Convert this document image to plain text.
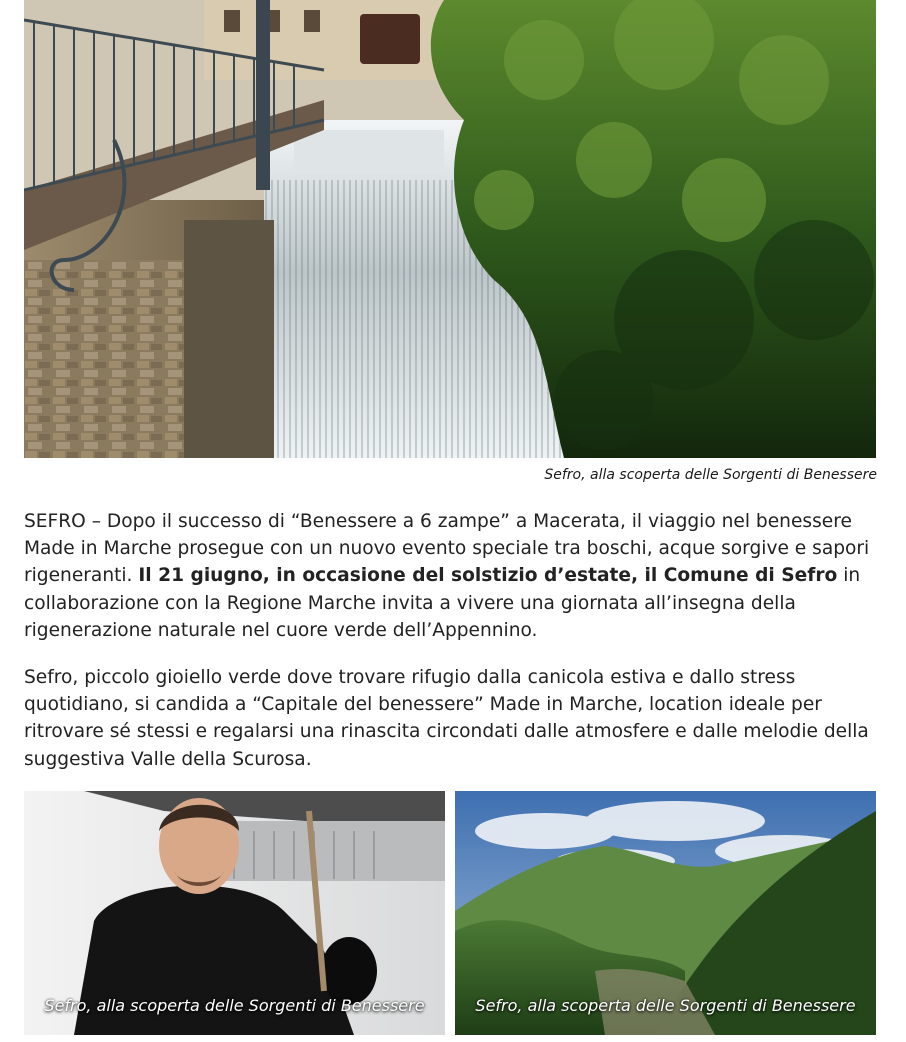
Sefro, alla scoperta delle Sorgenti di Benessere

SEFRO – Dopo il successo di “Benessere a 6 zampe” a Macerata, il viaggio nel benessere Made in Marche prosegue con un nuovo evento speciale tra boschi, acque sorgive e sapori rigeneranti. Il 21 giugno, in occasione del solstizio d’estate, il Comune di Sefro in collaborazione con la Regione Marche invita a vivere una giornata all’insegna della rigenerazione naturale nel cuore verde dell’Appennino.

Sefro, piccolo gioiello verde dove trovare rifugio dalla canicola estiva e dallo stress quotidiano, si candida a “Capitale del benessere” Made in Marche, location ideale per ritrovare sé stessi e regalarsi una rinascita circondati dalle atmosfere e dalle melodie della suggestiva Valle della Scurosa.

Sefro, alla scoperta delle Sorgenti di Benessere	Sefro, alla scoperta delle Sorgenti di Benessere
